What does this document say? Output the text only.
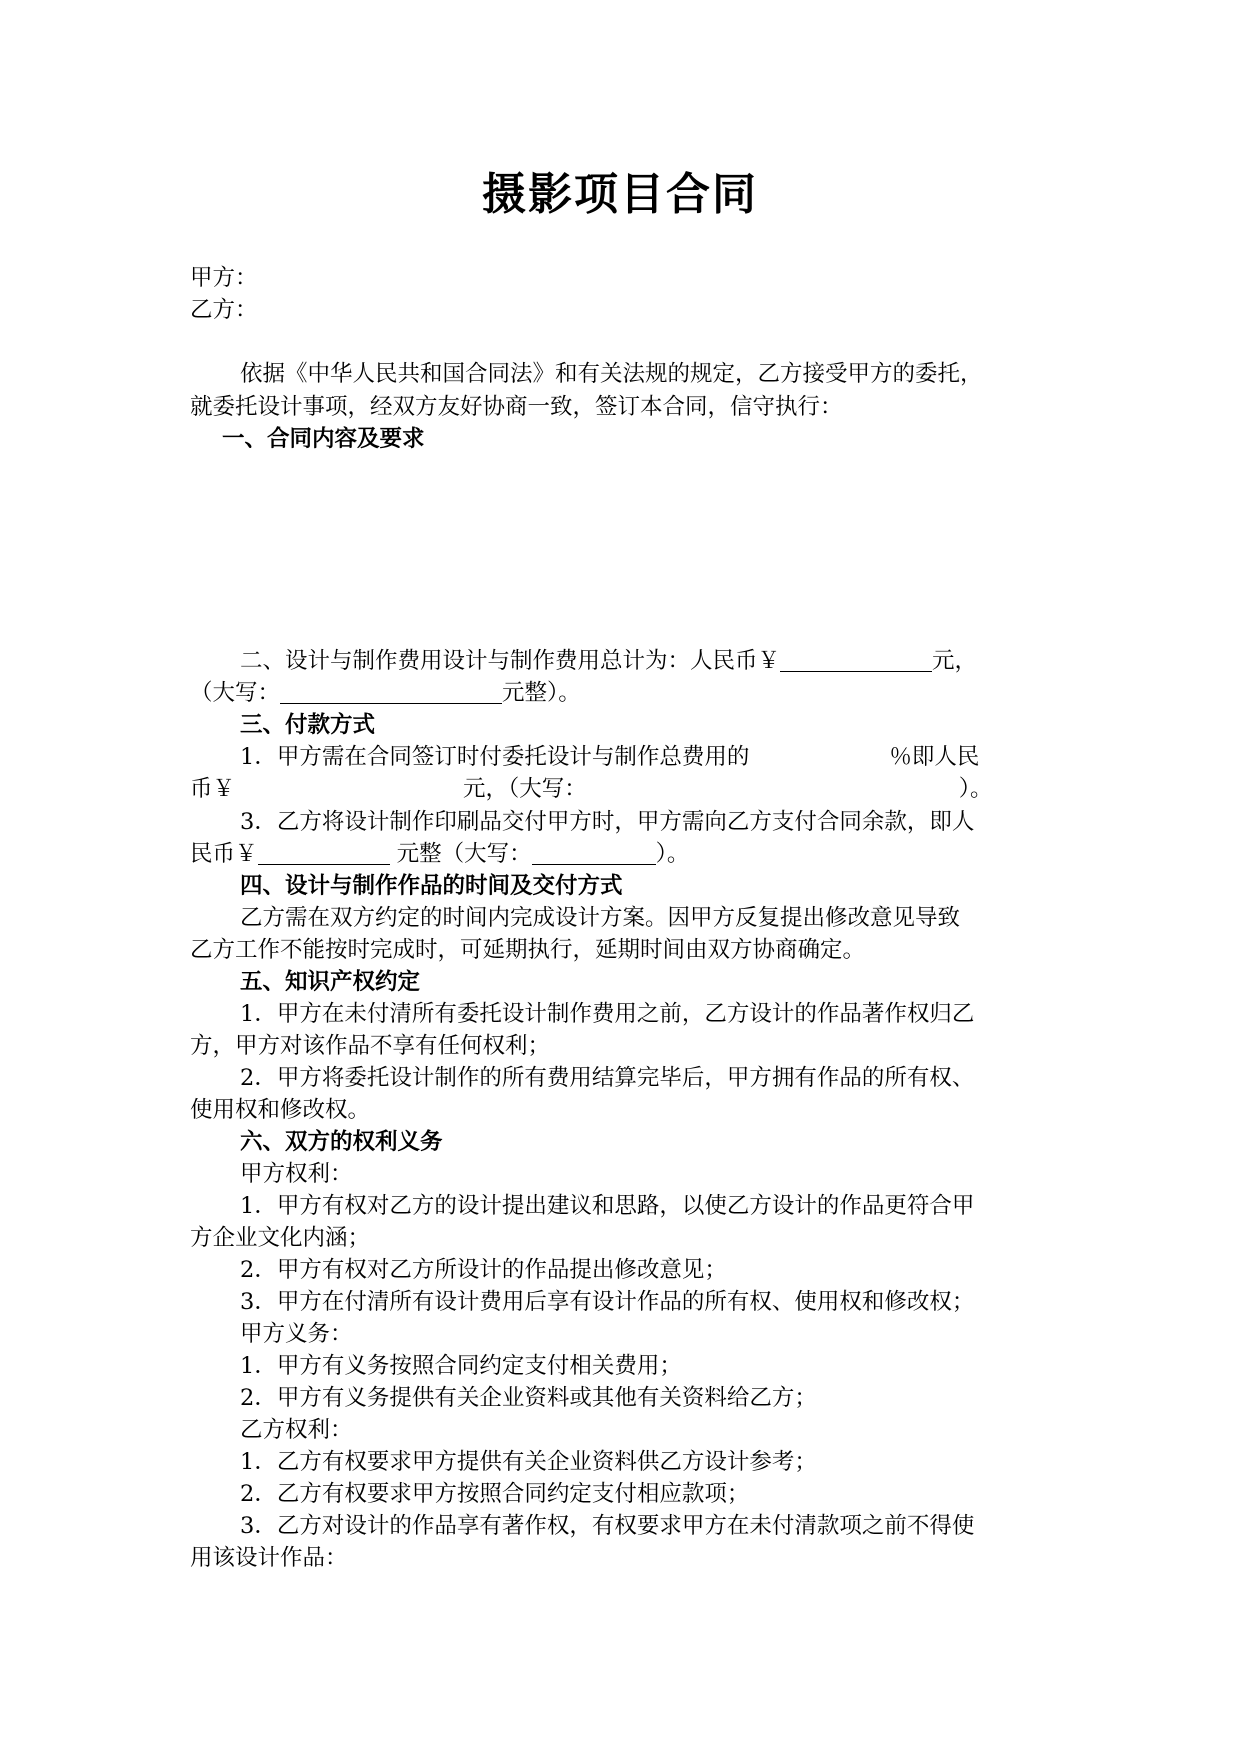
摄影项目合同
甲方：
乙方：
依据《中华人民共和国合同法》和有关法规的规定，乙方接受甲方的委托，
就委托设计事项，经双方友好协商一致，签订本合同，信守执行：
一、合同内容及要求
二、设计与制作费用设计与制作费用总计为：人民币￥	元，
（大写：	元整）。
三、付款方式
1．甲方需在合同签订时付委托设计与制作总费用的	％即人民
币￥	元，（大写：	）。
3．乙方将设计制作印刷品交付甲方时，甲方需向乙方支付合同余款，即人
民币￥	元整（大写：	）。
四、设计与制作作品的时间及交付方式
乙方需在双方约定的时间内完成设计方案。因甲方反复提出修改意见导致
乙方工作不能按时完成时，可延期执行，延期时间由双方协商确定。
五、知识产权约定
1．甲方在未付清所有委托设计制作费用之前，乙方设计的作品著作权归乙
方，甲方对该作品不享有任何权利；
2．甲方将委托设计制作的所有费用结算完毕后，甲方拥有作品的所有权、
使用权和修改权。
六、双方的权利义务
甲方权利：
1．甲方有权对乙方的设计提出建议和思路，以使乙方设计的作品更符合甲
方企业文化内涵；
2．甲方有权对乙方所设计的作品提出修改意见；
3．甲方在付清所有设计费用后享有设计作品的所有权、使用权和修改权；
甲方义务：
1．甲方有义务按照合同约定支付相关费用；
2．甲方有义务提供有关企业资料或其他有关资料给乙方；
乙方权利：
1．乙方有权要求甲方提供有关企业资料供乙方设计参考；
2．乙方有权要求甲方按照合同约定支付相应款项；
3．乙方对设计的作品享有著作权，有权要求甲方在未付清款项之前不得使
用该设计作品：
